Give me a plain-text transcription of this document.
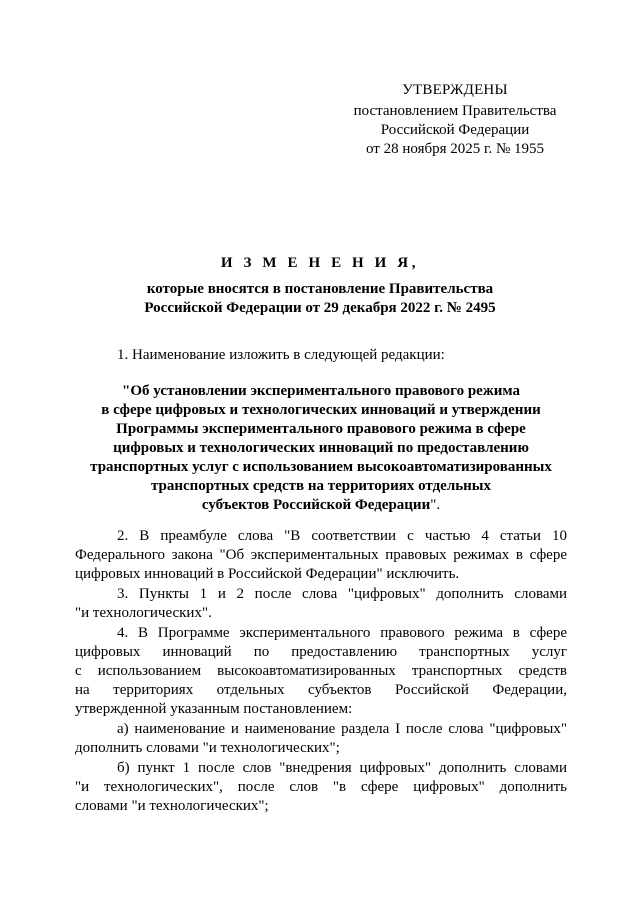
УТВЕРЖДЕНЫ
постановлением Правительства
Российской Федерации
от 28 ноября 2025 г. № 1955
И З М Е Н Е Н И Я,
которые вносятся в постановление Правительства
Российской Федерации от 29 декабря 2022 г. № 2495

1. Наименование изложить в следующей редакции:

"Об установлении экспериментального правового режима
в сфере цифровых и технологических инноваций и утверждении
Программы экспериментального правового режима в сфере
цифровых и технологических инноваций по предоставлению
транспортных услуг с использованием высокоавтоматизированных
транспортных средств на территориях отдельных
субъектов Российской Федерации".
2. В преамбуле слова "В соответствии с частью 4 статьи 10
Федерального закона "Об экспериментальных правовых режимах в сфере
цифровых инноваций в Российской Федерации" исключить.
3. Пункты 1 и 2 после слова "цифровых" дополнить словами
"и технологических".
4. В Программе экспериментального правового режима в сфере
цифровых инноваций по предоставлению транспортных услуг
с использованием высокоавтоматизированных транспортных средств
на территориях отдельных субъектов Российской Федерации,
утвержденной указанным постановлением:
а) наименование и наименование раздела I после слова "цифровых"
дополнить словами "и технологических";
б) пункт 1 после слов "внедрения цифровых" дополнить словами
"и технологических", после слов "в сфере цифровых" дополнить
словами "и технологических";
